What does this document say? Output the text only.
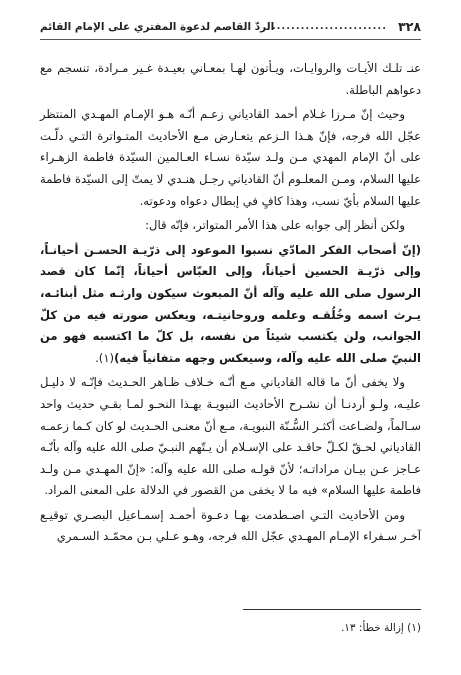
٣٢٨
........................
الردّ القاصم لدعوة المفتري على الإمام القائم

عنـ تلـك الأيـات والروايـات، ويـأتون لهـا بمعـاني بعيـدة غـير مـرادة، تنسجم مع دعواهم الباطلة.

وحيث إنّ مـرزا غـلام أحمد القادياني زعـم أنّـه هـو الإمـام المهـدي المنتظر عجّل الله فرجه، فإنّ هـذا الـزعم يتعـارض مـع الأحاديث المتـواترة التـي دلّـت على أنّ الإمام المهدي مـن ولـد سيّدة نسـاء العـالمين السيّدة فاطمة الزهـراء عليها السلام، ومـن المعلـوم أنّ القادياني رجـل هنـدي لا يمتّ إلى السيّدة فاطمة عليها السلام بأيّ نسب، وهذا كافٍ في إبطال دعواه ودعوته.

ولكن أنظر إلى جوابه على هذا الأمر المتواتر، فإنّه قال:

(إنّ أصحاب الفكر المادّي نسبوا الموعود إلى ذرّيـة الحسـن أحيانـاً، وإلى ذرّيـة الحسين أحياناً، وإلى العبّاس أحياناً، إنّما كان قصد الرسول صلى الله عليه وآله أنّ المبعوث سيكون وارثـه مثل أبنائـه، يـرث اسمه وخُلُقـه وعلمه وروحانيتـه، ويعكس صورته فيه من كلّ الجوانب، ولن يكتسب شيئاً من نفسه، بل كلّ ما اكتسبه فهو من النبيّ صلى الله عليه وآله، وسيعكس وجهه متفانياً فيه)(١).

ولا يخفى أنّ ما قاله القادياني مـع أنّـه خـلاف ظـاهر الحـديث فإنّـه لا دليـل عليـه، ولـو أردنـا أن نشـرح الأحاديث النبويـة بهـذا النحـو لمـا بقـي حديث واحد سـالماً، ولضـاعت أكثـر السُّـنّة النبويـة، مـع أنّ معنـى الحـديث لو كان كـما زعمـه القادياني لحـقّ لكـلّ حاقـد على الإسـلام أن يـتّهم النبـيّ صلى الله عليه وآله بأنّـه عـاجز عـن بيـان مراداتـه؛ لأنّ قولـه صلى الله عليه وآله: «إنّ المهـدي مـن ولـد فاطمة عليها السلام» فيه ما لا يخفى من القصور في الدلالة على المعنى المراد.

ومن الأحاديث التـي اصـطدمت بهـا دعـوة أحمـد إسمـاعيل البصـري توقيـع آخـر سـفراء الإمـام المهـدي عجّل الله فرجه، وهـو عـلي بـن محمّـد السـمري

(١) إزالة خطأ: ١٣.
